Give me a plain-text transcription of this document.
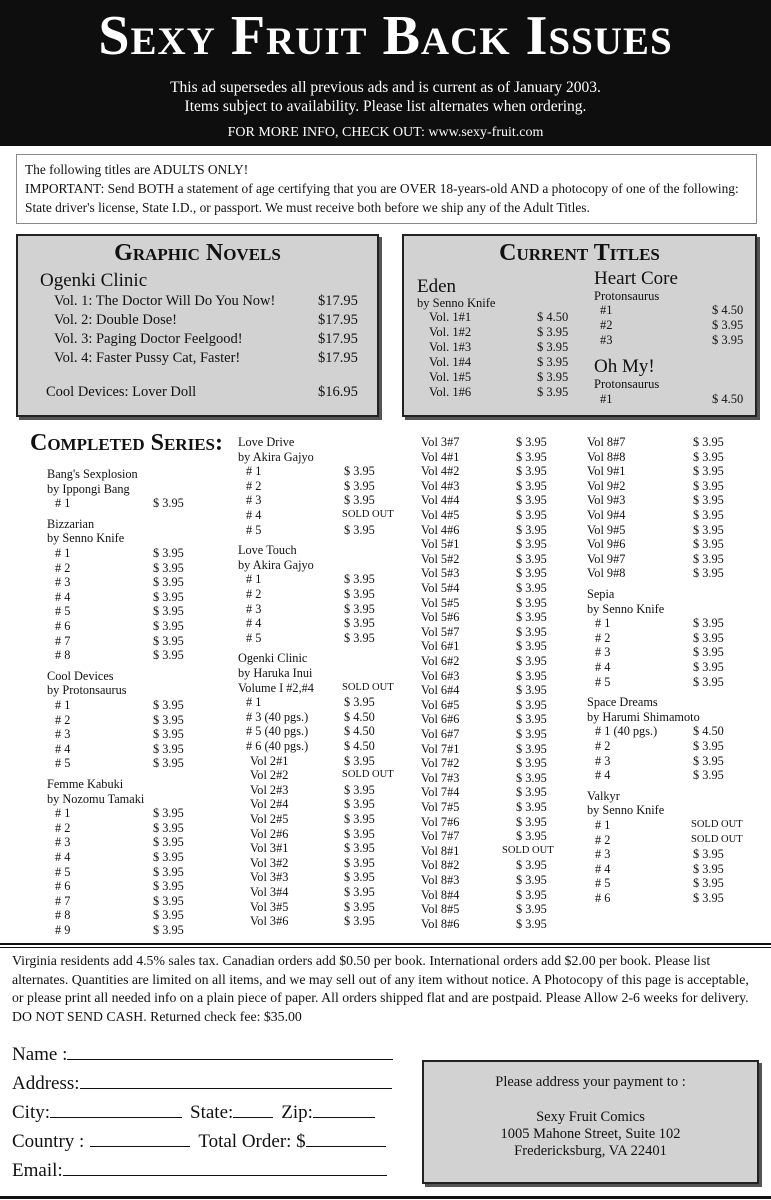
Sexy Fruit Back Issues
This ad supersedes all previous ads and is current as of January 2003.
Items subject to availability. Please list alternates when ordering.
FOR MORE INFO, CHECK OUT: www.sexy-fruit.com
The following titles are ADULTS ONLY!
IMPORTANT: Send BOTH a statement of age certifying that you are OVER 18-years-old AND a photocopy of one of the following: State driver's license, State I.D., or passport. We must receive both before we ship any of the Adult Titles.
Graphic Novels
Ogenki Clinic
Vol. 1: The Doctor Will Do You Now!	$17.95
Vol. 2: Double Dose!	$17.95
Vol. 3: Paging Doctor Feelgood!	$17.95
Vol. 4: Faster Pussy Cat, Faster!	$17.95
Cool Devices: Lover Doll	$16.95
Current Titles
Eden
by Senno Knife
Vol. 1#1	$ 4.50
Vol. 1#2	$ 3.95
Vol. 1#3	$ 3.95
Vol. 1#4	$ 3.95
Vol. 1#5	$ 3.95
Vol. 1#6	$ 3.95
Heart Core
Protonsaurus
#1	$ 4.50
#2	$ 3.95
#3	$ 3.95
Oh My!
Protonsaurus
#1	$ 4.50
Completed Series:
Bang's Sexplosion
by Ippongi Bang
# 1	$ 3.95
Bizzarian
by Senno Knife
# 1	$ 3.95
# 2	$ 3.95
# 3	$ 3.95
# 4	$ 3.95
# 5	$ 3.95
# 6	$ 3.95
# 7	$ 3.95
# 8	$ 3.95
Cool Devices
by Protonsaurus
# 1	$ 3.95
# 2	$ 3.95
# 3	$ 3.95
# 4	$ 3.95
# 5	$ 3.95
Femme Kabuki
by Nozomu Tamaki
# 1	$ 3.95
# 2	$ 3.95
# 3	$ 3.95
# 4	$ 3.95
# 5	$ 3.95
# 6	$ 3.95
# 7	$ 3.95
# 8	$ 3.95
# 9	$ 3.95
Love Drive
by Akira Gajyo
# 1	$ 3.95
# 2	$ 3.95
# 3	$ 3.95
# 4	SOLD OUT
# 5	$ 3.95
Love Touch
by Akira Gajyo
# 1	$ 3.95
# 2	$ 3.95
# 3	$ 3.95
# 4	$ 3.95
# 5	$ 3.95
Ogenki Clinic
by Haruka Inui
Volume I #2,#4	SOLD OUT
# 1	$ 3.95
# 3 (40 pgs.)	$ 4.50
# 5 (40 pgs.)	$ 4.50
# 6 (40 pgs.)	$ 4.50
Vol 2#1	$ 3.95
Vol 2#2	SOLD OUT
Vol 2#3	$ 3.95
Vol 2#4	$ 3.95
Vol 2#5	$ 3.95
Vol 2#6	$ 3.95
Vol 3#1	$ 3.95
Vol 3#2	$ 3.95
Vol 3#3	$ 3.95
Vol 3#4	$ 3.95
Vol 3#5	$ 3.95
Vol 3#6	$ 3.95
Vol 3#7	$ 3.95
Vol 4#1	$ 3.95
Vol 4#2	$ 3.95
Vol 4#3	$ 3.95
Vol 4#4	$ 3.95
Vol 4#5	$ 3.95
Vol 4#6	$ 3.95
Vol 5#1	$ 3.95
Vol 5#2	$ 3.95
Vol 5#3	$ 3.95
Vol 5#4	$ 3.95
Vol 5#5	$ 3.95
Vol 5#6	$ 3.95
Vol 5#7	$ 3.95
Vol 6#1	$ 3.95
Vol 6#2	$ 3.95
Vol 6#3	$ 3.95
Vol 6#4	$ 3.95
Vol 6#5	$ 3.95
Vol 6#6	$ 3.95
Vol 6#7	$ 3.95
Vol 7#1	$ 3.95
Vol 7#2	$ 3.95
Vol 7#3	$ 3.95
Vol 7#4	$ 3.95
Vol 7#5	$ 3.95
Vol 7#6	$ 3.95
Vol 7#7	$ 3.95
Vol 8#1	SOLD OUT
Vol 8#2	$ 3.95
Vol 8#3	$ 3.95
Vol 8#4	$ 3.95
Vol 8#5	$ 3.95
Vol 8#6	$ 3.95
Vol 8#7	$ 3.95
Vol 8#8	$ 3.95
Vol 9#1	$ 3.95
Vol 9#2	$ 3.95
Vol 9#3	$ 3.95
Vol 9#4	$ 3.95
Vol 9#5	$ 3.95
Vol 9#6	$ 3.95
Vol 9#7	$ 3.95
Vol 9#8	$ 3.95
Sepia
by Senno Knife
# 1	$ 3.95
# 2	$ 3.95
# 3	$ 3.95
# 4	$ 3.95
# 5	$ 3.95
Space Dreams
by Harumi Shimamoto
# 1 (40 pgs.)	$ 4.50
# 2	$ 3.95
# 3	$ 3.95
# 4	$ 3.95
Valkyr
by Senno Knife
# 1	SOLD OUT
# 2	SOLD OUT
# 3	$ 3.95
# 4	$ 3.95
# 5	$ 3.95
# 6	$ 3.95
Virginia residents add 4.5% sales tax. Canadian orders add $0.50 per book. International orders add $2.00 per book. Please list alternates. Quantities are limited on all items, and we may sell out of any item without notice. A Photocopy of this page is acceptable, or please print all needed info on a plain piece of paper. All orders shipped flat and are postpaid. Please Allow 2-6 weeks for delivery. DO NOT SEND CASH. Returned check fee: $35.00
Name :
Address:
City:	State:	Zip:
Country :	Total Order: $
Email:
Please address your payment to :
Sexy Fruit Comics
1005 Mahone Street, Suite 102
Fredericksburg, VA 22401
